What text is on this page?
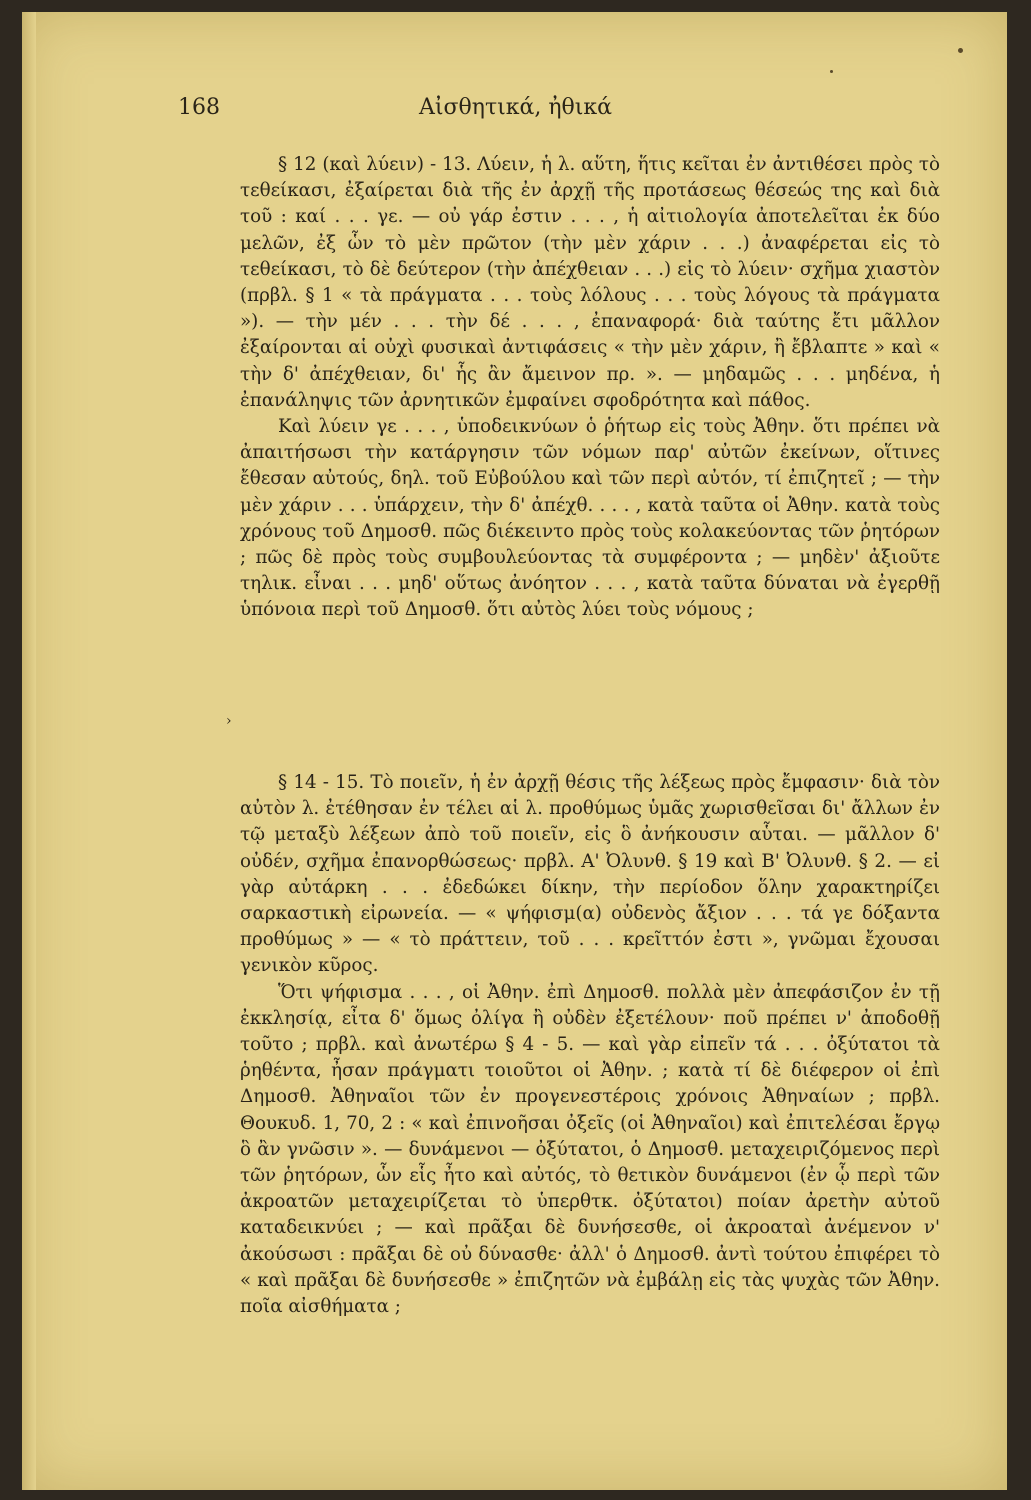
168	Αἰσθητικά, ἠθικά

§ 12 (καὶ λύειν) - 13. Λύειν, ἡ λ. αὕτη, ἥτις κεῖται ἐν ἀντιθέσει πρὸς τὸ τεθείκασι, ἐξαίρεται διὰ τῆς ἐν ἀρχῇ τῆς προτάσεως θέσεώς της καὶ διὰ τοῦ : καί . . . γε. — οὐ γάρ ἐστιν . . . , ἡ αἰτιολογία ἀποτελεῖται ἐκ δύο μελῶν, ἐξ ὧν τὸ μὲν πρῶτον (τὴν μὲν χάριν . . .) ἀναφέρεται εἰς τὸ τεθείκασι, τὸ δὲ δεύτερον (τὴν ἀπέχθειαν . . .) εἰς τὸ λύειν· σχῆμα χιαστὸν (πρβλ. § 1 « τὰ πράγματα . . . τοὺς λόλους . . . τοὺς λόγους τὰ πράγματα »). — τὴν μέν . . . τὴν δέ . . . , ἐπαναφορά· διὰ ταύτης ἔτι μᾶλλον ἐξαίρονται αἱ οὐχὶ φυσικαὶ ἀντιφάσεις « τὴν μὲν χάριν, ἢ ἔβλαπτε » καὶ « τὴν δ' ἀπέχθειαν, δι' ἧς ἂν ἄμεινον πρ. ». — μηδαμῶς . . . μηδένα, ἡ ἐπανάληψις τῶν ἀρνητικῶν ἐμφαίνει σφοδρότητα καὶ πάθος.

Καὶ λύειν γε . . . , ὑποδεικνύων ὁ ῥήτωρ εἰς τοὺς Ἀθην. ὅτι πρέπει νὰ ἀπαιτήσωσι τὴν κατάργησιν τῶν νόμων παρ' αὐτῶν ἐκείνων, οἵτινες ἔθεσαν αὐτούς, δηλ. τοῦ Εὐβούλου καὶ τῶν περὶ αὐτόν, τί ἐπιζητεῖ ; — τὴν μὲν χάριν . . . ὑπάρχειν, τὴν δ' ἀπέχθ. . . . , κατὰ ταῦτα οἱ Ἀθην. κατὰ τοὺς χρόνους τοῦ Δημοσθ. πῶς διέκειντο πρὸς τοὺς κολακεύοντας τῶν ῥητόρων ; πῶς δὲ πρὸς τοὺς συμβουλεύοντας τὰ συμφέροντα ; — μηδὲν' ἀξιοῦτε τηλικ. εἶναι . . . μηδ' οὕτως ἀνόητον . . . , κατὰ ταῦτα δύναται νὰ ἐγερθῇ ὑπόνοια περὶ τοῦ Δημοσθ. ὅτι αὐτὸς λύει τοὺς νόμους ;

›

§ 14 - 15. Τὸ ποιεῖν, ἡ ἐν ἀρχῇ θέσις τῆς λέξεως πρὸς ἔμφασιν· διὰ τὸν αὐτὸν λ. ἐτέθησαν ἐν τέλει αἱ λ. προθύμως ὑμᾶς χωρισθεῖσαι δι' ἄλλων ἐν τῷ μεταξὺ λέξεων ἀπὸ τοῦ ποιεῖν, εἰς ὃ ἀνήκουσιν αὗται. — μᾶλλον δ' οὐδέν, σχῆμα ἐπανορθώσεως· πρβλ. Α' Ὀλυνθ. § 19 καὶ Β' Ὀλυνθ. § 2. — εἰ γὰρ αὐτάρκη . . . ἐδεδώκει δίκην, τὴν περίοδον ὅλην χαρακτηρίζει σαρκαστικὴ εἰρωνεία. — « ψήφισμ(α) οὐδενὸς ἄξιον . . . τά γε δόξαντα προθύμως » — « τὸ πράττειν, τοῦ . . . κρεῖττόν ἐστι », γνῶμαι ἔχουσαι γενικὸν κῦρος.

Ὅτι ψήφισμα . . . , οἱ Ἀθην. ἐπὶ Δημοσθ. πολλὰ μὲν ἀπεφάσιζον ἐν τῇ ἐκκλησίᾳ, εἶτα δ' ὅμως ὀλίγα ἢ οὐδὲν ἐξετέλουν· ποῦ πρέπει ν' ἀποδοθῇ τοῦτο ; πρβλ. καὶ ἀνωτέρω § 4 - 5. — καὶ γὰρ εἰπεῖν τά . . . ὀξύτατοι τὰ ῥηθέντα, ἦσαν πράγματι τοιοῦτοι οἱ Ἀθην. ; κατὰ τί δὲ διέφερον οἱ ἐπὶ Δημοσθ. Ἀθηναῖοι τῶν ἐν προγενεστέροις χρόνοις Ἀθηναίων ; πρβλ. Θουκυδ. 1, 70, 2 : « καὶ ἐπινοῆσαι ὀξεῖς (οἱ Ἀθηναῖοι) καὶ ἐπιτελέσαι ἔργῳ ὃ ἂν γνῶσιν ». — δυνάμενοι — ὀξύτατοι, ὁ Δημοσθ. μεταχειριζόμενος περὶ τῶν ῥητόρων, ὧν εἷς ἦτο καὶ αὐτός, τὸ θετικὸν δυνάμενοι (ἐν ᾧ περὶ τῶν ἀκροατῶν μεταχειρίζεται τὸ ὑπερθτκ. ὀξύτατοι) ποίαν ἀρετὴν αὐτοῦ καταδεικνύει ; — καὶ πρᾶξαι δὲ δυνήσεσθε, οἱ ἀκροαταὶ ἀνέμενον ν' ἀκούσωσι : πρᾶξαι δὲ οὐ δύνασθε· ἀλλ' ὁ Δημοσθ. ἀντὶ τούτου ἐπιφέρει τὸ « καὶ πρᾶξαι δὲ δυνήσεσθε » ἐπιζητῶν νὰ ἐμβάλῃ εἰς τὰς ψυχὰς τῶν Ἀθην. ποῖα αἰσθήματα ;
